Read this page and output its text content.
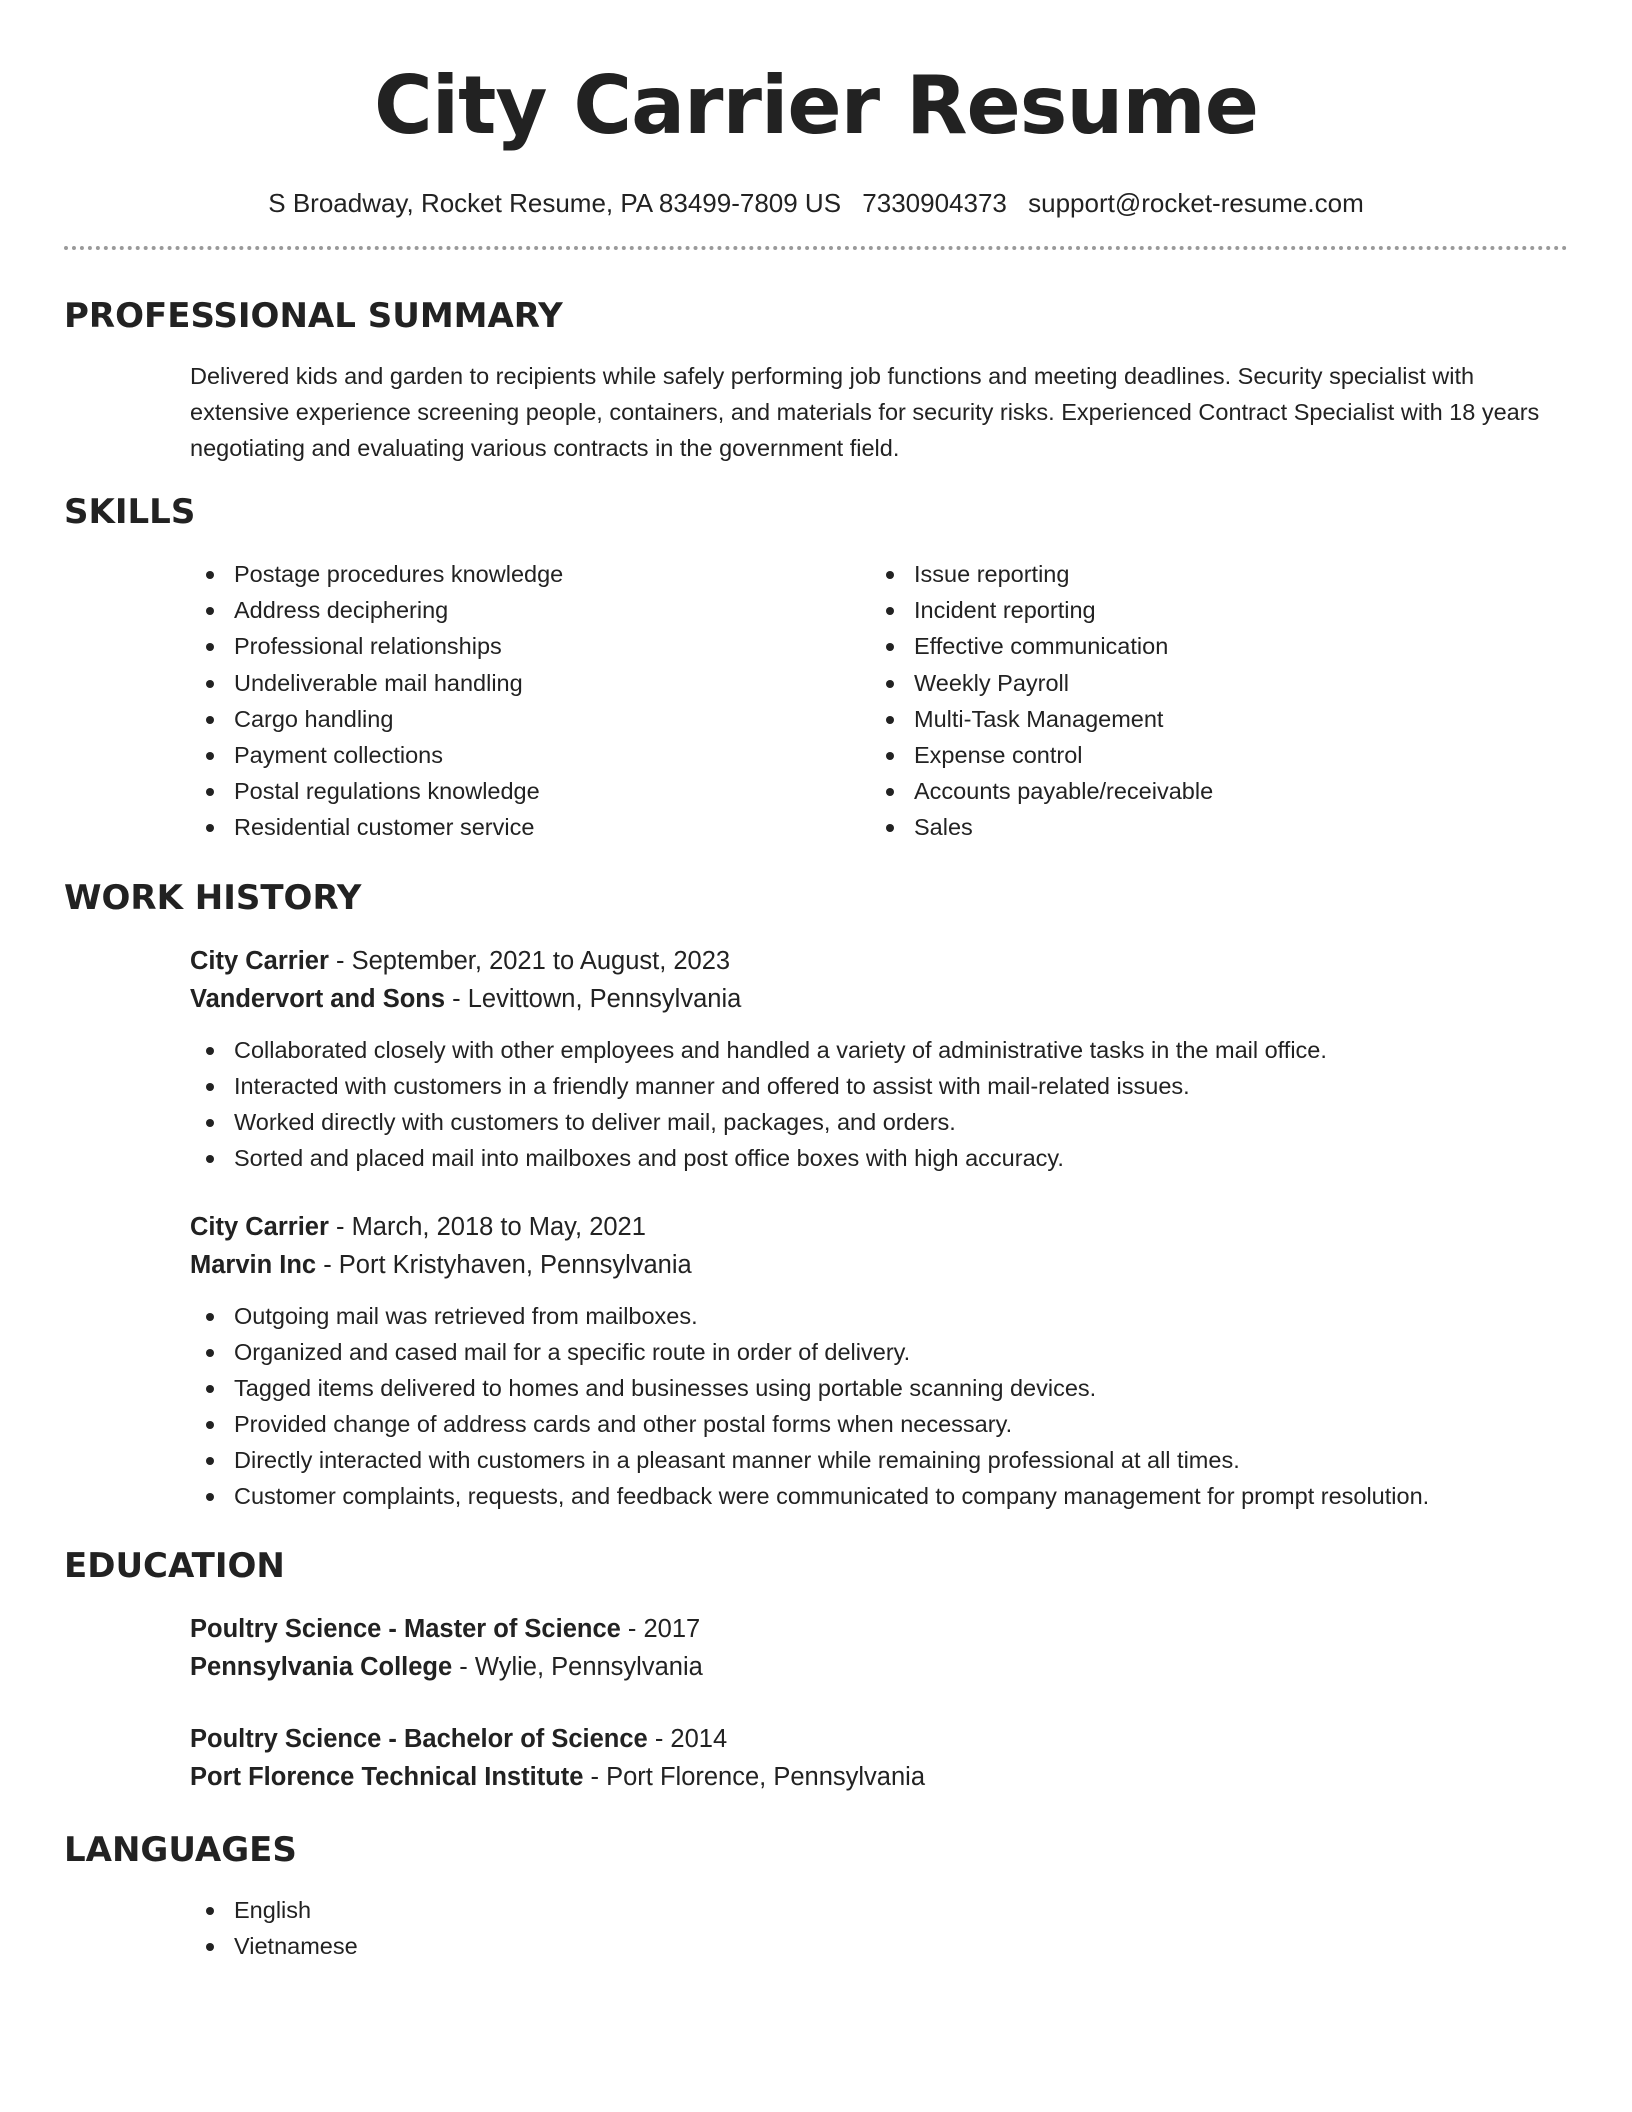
City Carrier Resume
S Broadway, Rocket Resume, PA 83499-7809 US 7330904373 support@rocket-resume.com
PROFESSIONAL SUMMARY
Delivered kids and garden to recipients while safely performing job functions and meeting deadlines. Security specialist with extensive experience screening people, containers, and materials for security risks. Experienced Contract Specialist with 18 years negotiating and evaluating various contracts in the government field.
SKILLS
Postage procedures knowledge
Address deciphering
Professional relationships
Undeliverable mail handling
Cargo handling
Payment collections
Postal regulations knowledge
Residential customer service
Issue reporting
Incident reporting
Effective communication
Weekly Payroll
Multi-Task Management
Expense control
Accounts payable/receivable
Sales
WORK HISTORY
City Carrier - September, 2021 to August, 2023
Vandervort and Sons - Levittown, Pennsylvania
Collaborated closely with other employees and handled a variety of administrative tasks in the mail office.
Interacted with customers in a friendly manner and offered to assist with mail-related issues.
Worked directly with customers to deliver mail, packages, and orders.
Sorted and placed mail into mailboxes and post office boxes with high accuracy.
City Carrier - March, 2018 to May, 2021
Marvin Inc - Port Kristyhaven, Pennsylvania
Outgoing mail was retrieved from mailboxes.
Organized and cased mail for a specific route in order of delivery.
Tagged items delivered to homes and businesses using portable scanning devices.
Provided change of address cards and other postal forms when necessary.
Directly interacted with customers in a pleasant manner while remaining professional at all times.
Customer complaints, requests, and feedback were communicated to company management for prompt resolution.
EDUCATION
Poultry Science - Master of Science - 2017
Pennsylvania College - Wylie, Pennsylvania
Poultry Science - Bachelor of Science - 2014
Port Florence Technical Institute - Port Florence, Pennsylvania
LANGUAGES
English
Vietnamese
